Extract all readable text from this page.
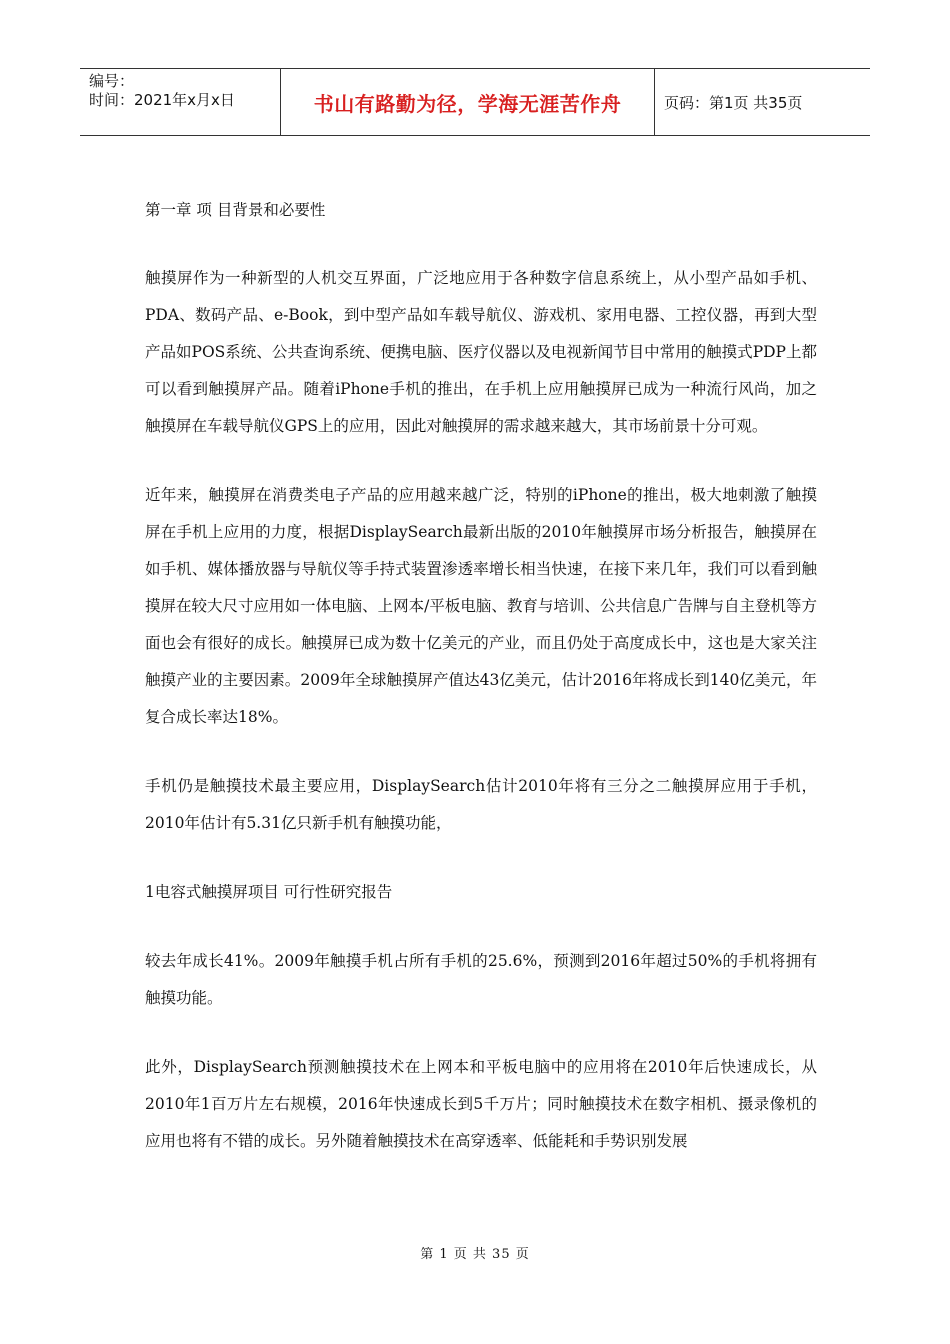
编号：
时间：2021年x月x日	书山有路勤为径，学海无涯苦作舟	页码：第1页 共35页

第一章 项 目背景和必要性

触摸屏作为一种新型的人机交互界面，广泛地应用于各种数字信息系统上，从小型产品如手机、PDA、数码产品、e-Book，到中型产品如车载导航仪、游戏机、家用电器、工控仪器，再到大型产品如POS系统、公共查询系统、便携电脑、医疗仪器以及电视新闻节目中常用的触摸式PDP上都可以看到触摸屏产品。随着iPhone手机的推出，在手机上应用触摸屏已成为一种流行风尚，加之触摸屏在车载导航仪GPS上的应用，因此对触摸屏的需求越来越大，其市场前景十分可观。

近年来，触摸屏在消费类电子产品的应用越来越广泛，特别的iPhone的推出，极大地刺激了触摸屏在手机上应用的力度，根据DisplaySearch最新出版的2010年触摸屏市场分析报告，触摸屏在如手机、媒体播放器与导航仪等手持式装置渗透率增长相当快速，在接下来几年，我们可以看到触摸屏在较大尺寸应用如一体电脑、上网本/平板电脑、教育与培训、公共信息广告牌与自主登机等方面也会有很好的成长。触摸屏已成为数十亿美元的产业，而且仍处于高度成长中，这也是大家关注触摸产业的主要因素。2009年全球触摸屏产值达43亿美元，估计2016年将成长到140亿美元，年复合成长率达18%。

手机仍是触摸技术最主要应用，DisplaySearch估计2010年将有三分之二触摸屏应用于手机，2010年估计有5.31亿只新手机有触摸功能，

1电容式触摸屏项目 可行性研究报告

较去年成长41%。2009年触摸手机占所有手机的25.6%，预测到2016年超过50%的手机将拥有触摸功能。

此外，DisplaySearch预测触摸技术在上网本和平板电脑中的应用将在2010年后快速成长，从2010年1百万片左右规模，2016年快速成长到5千万片；同时触摸技术在数字相机、摄录像机的应用也将有不错的成长。另外随着触摸技术在高穿透率、低能耗和手势识别发展

第 1 页 共 35 页
